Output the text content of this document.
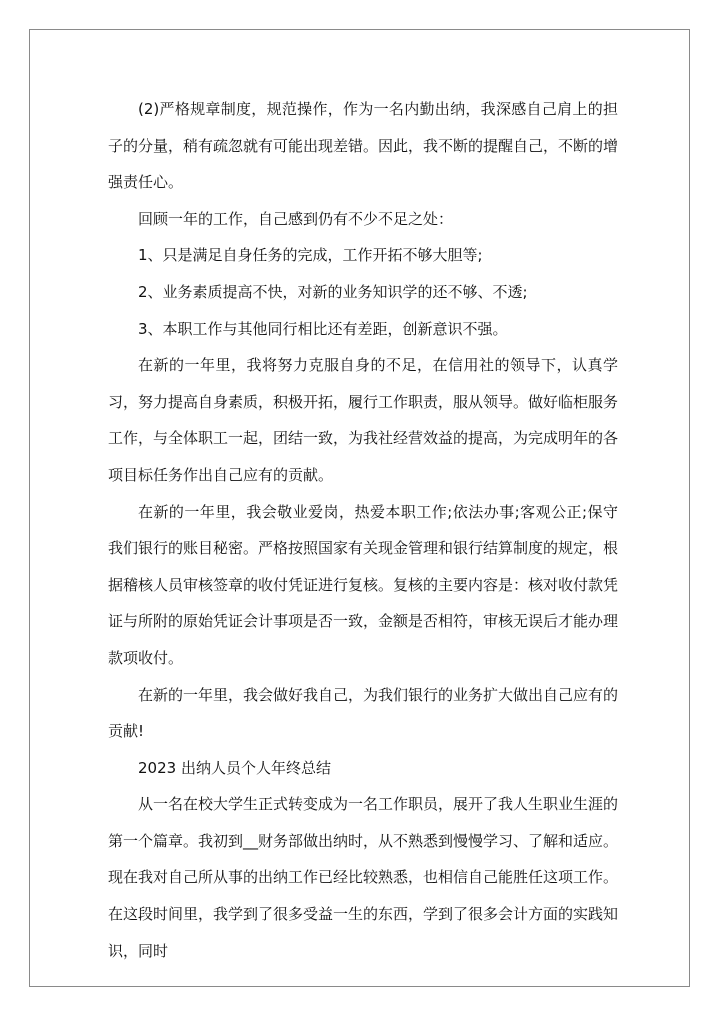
(2)严格规章制度，规范操作，作为一名内勤出纳，我深感自己肩上的担子的分量，稍有疏忽就有可能出现差错。因此，我不断的提醒自己，不断的增强责任心。

回顾一年的工作，自己感到仍有不少不足之处：

1、只是满足自身任务的完成，工作开拓不够大胆等;

2、业务素质提高不快，对新的业务知识学的还不够、不透;

3、本职工作与其他同行相比还有差距，创新意识不强。

在新的一年里，我将努力克服自身的不足，在信用社的领导下，认真学习，努力提高自身素质，积极开拓，履行工作职责，服从领导。做好临柜服务工作，与全体职工一起，团结一致，为我社经营效益的提高，为完成明年的各项目标任务作出自己应有的贡献。

在新的一年里，我会敬业爱岗，热爱本职工作;依法办事;客观公正;保守我们银行的账目秘密。严格按照国家有关现金管理和银行结算制度的规定，根据稽核人员审核签章的收付凭证进行复核。复核的主要内容是：核对收付款凭证与所附的原始凭证会计事项是否一致，金额是否相符，审核无误后才能办理款项收付。

在新的一年里，我会做好我自己，为我们银行的业务扩大做出自己应有的贡献!

2023 出纳人员个人年终总结

从一名在校大学生正式转变成为一名工作职员，展开了我人生职业生涯的第一个篇章。我初到__财务部做出纳时，从不熟悉到慢慢学习、了解和适应。现在我对自己所从事的出纳工作已经比较熟悉，也相信自己能胜任这项工作。在这段时间里，我学到了很多受益一生的东西，学到了很多会计方面的实践知识，同时
